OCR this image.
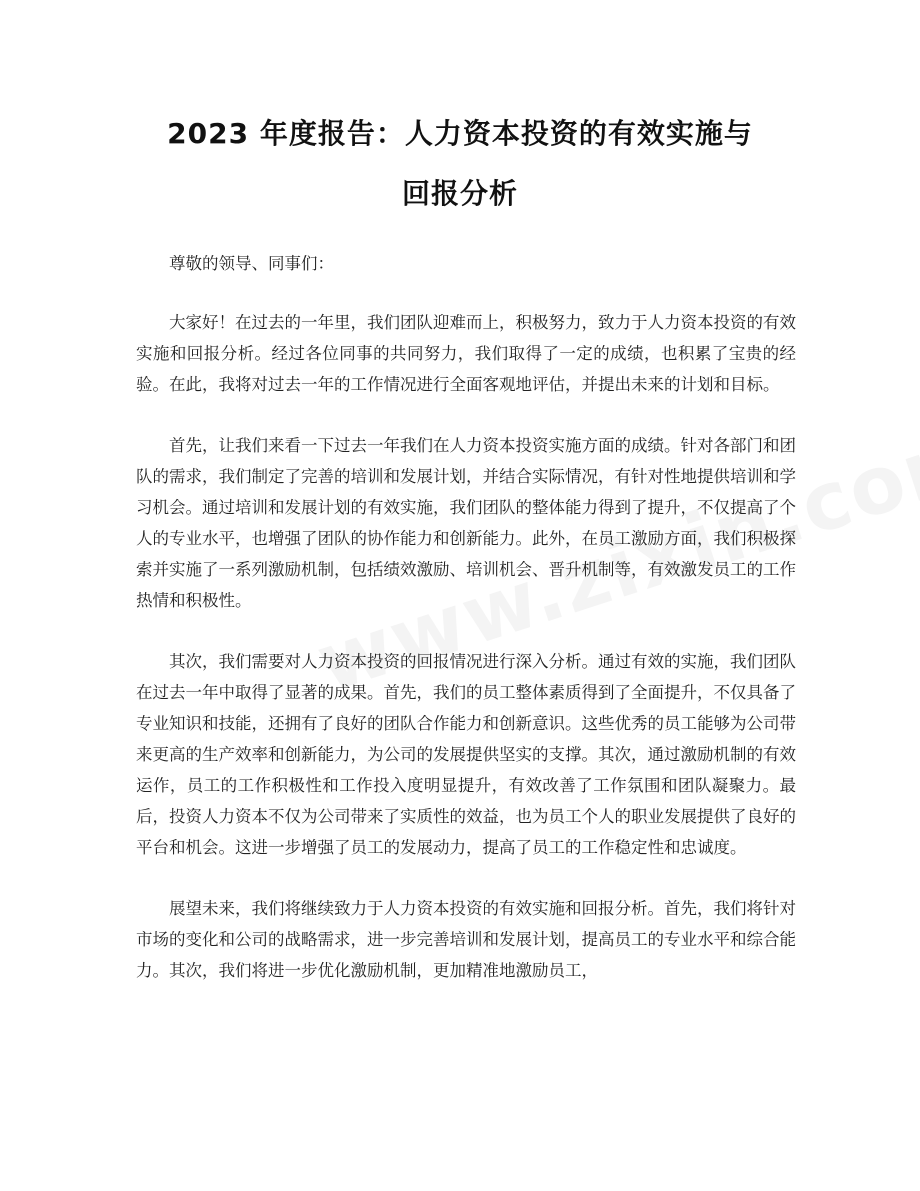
2023 年度报告：人力资本投资的有效实施与
回报分析

尊敬的领导、同事们：

大家好！在过去的一年里，我们团队迎难而上，积极努力，致力于人力资本投资的有效实施和回报分析。经过各位同事的共同努力，我们取得了一定的成绩，也积累了宝贵的经验。在此，我将对过去一年的工作情况进行全面客观地评估，并提出未来的计划和目标。

首先，让我们来看一下过去一年我们在人力资本投资实施方面的成绩。针对各部门和团队的需求，我们制定了完善的培训和发展计划，并结合实际情况，有针对性地提供培训和学习机会。通过培训和发展计划的有效实施，我们团队的整体能力得到了提升，不仅提高了个人的专业水平，也增强了团队的协作能力和创新能力。此外，在员工激励方面，我们积极探索并实施了一系列激励机制，包括绩效激励、培训机会、晋升机制等，有效激发员工的工作热情和积极性。

其次，我们需要对人力资本投资的回报情况进行深入分析。通过有效的实施，我们团队在过去一年中取得了显著的成果。首先，我们的员工整体素质得到了全面提升，不仅具备了专业知识和技能，还拥有了良好的团队合作能力和创新意识。这些优秀的员工能够为公司带来更高的生产效率和创新能力，为公司的发展提供坚实的支撑。其次，通过激励机制的有效运作，员工的工作积极性和工作投入度明显提升，有效改善了工作氛围和团队凝聚力。最后，投资人力资本不仅为公司带来了实质性的效益，也为员工个人的职业发展提供了良好的平台和机会。这进一步增强了员工的发展动力，提高了员工的工作稳定性和忠诚度。

展望未来，我们将继续致力于人力资本投资的有效实施和回报分析。首先，我们将针对市场的变化和公司的战略需求，进一步完善培训和发展计划，提高员工的专业水平和综合能力。其次，我们将进一步优化激励机制，更加精准地激励员工，
